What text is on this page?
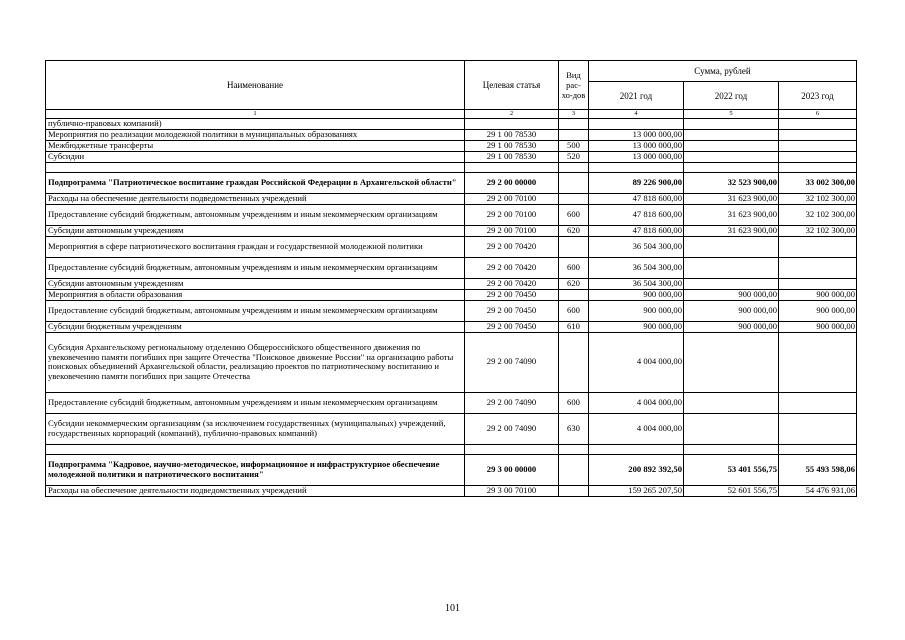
Наименование	Целевая статья	Вид рас-хо-дов	Сумма, рублей		
			2021 год	2022 год	2023 год
1	2	3	4	5	6
публично-правовых компаний)					
Мероприятия по реализации молодежной политики в муниципальных образованиях	29 1 00 78530		13 000 000,00		
Межбюджетные трансферты	29 1 00 78530	500	13 000 000,00		
Субсидии	29 1 00 78530	520	13 000 000,00		

Подпрограмма "Патриотическое воспитание граждан Российской Федерации в Архангельской области"	29 2 00 00000		89 226 900,00	32 523 900,00	33 002 300,00
Расходы на обеспечение деятельности подведомственных учреждений	29 2 00 70100		47 818 600,00	31 623 900,00	32 102 300,00
Предоставление субсидий бюджетным, автономным учреждениям и иным некоммерческим организациям	29 2 00 70100	600	47 818 600,00	31 623 900,00	32 102 300,00
Субсидии автономным учреждениям	29 2 00 70100	620	47 818 600,00	31 623 900,00	32 102 300,00
Мероприятия в сфере патриотического воспитания граждан и государственной молодежной политики	29 2 00 70420		36 504 300,00		
Предоставление субсидий бюджетным, автономным учреждениям и иным некоммерческим организациям	29 2 00 70420	600	36 504 300,00		
Субсидии автономным учреждениям	29 2 00 70420	620	36 504 300,00		
Мероприятия в области образования	29 2 00 70450		900 000,00	900 000,00	900 000,00
Предоставление субсидий бюджетным, автономным учреждениям и иным некоммерческим организациям	29 2 00 70450	600	900 000,00	900 000,00	900 000,00
Субсидии бюджетным учреждениям	29 2 00 70450	610	900 000,00	900 000,00	900 000,00
Субсидия Архангельскому региональному отделению Общероссийского общественного движения по увековечению памяти погибших при защите Отечества "Поисковое движение России" на организацию работы поисковых объединений Архангельской области, реализацию проектов по патриотическому воспитанию и увековечению памяти погибших при защите Отечества	29 2 00 74090		4 004 000,00		
Предоставление субсидий бюджетным, автономным учреждениям и иным некоммерческим организациям	29 2 00 74090	600	4 004 000,00		
Субсидии некоммерческим организациям (за исключением государственных (муниципальных) учреждений, государственных корпораций (компаний), публично-правовых компаний)	29 2 00 74090	630	4 004 000,00		

Подпрограмма "Кадровое, научно-методическое, информационное и инфраструктурное обеспечение молодежной политики и патриотического воспитания"	29 3 00 00000		200 892 392,50	53 401 556,75	55 493 598,06
Расходы на обеспечение деятельности подведомственных учреждений	29 3 00 70100		159 265 207,50	52 601 556,75	54 476 931,06
101
